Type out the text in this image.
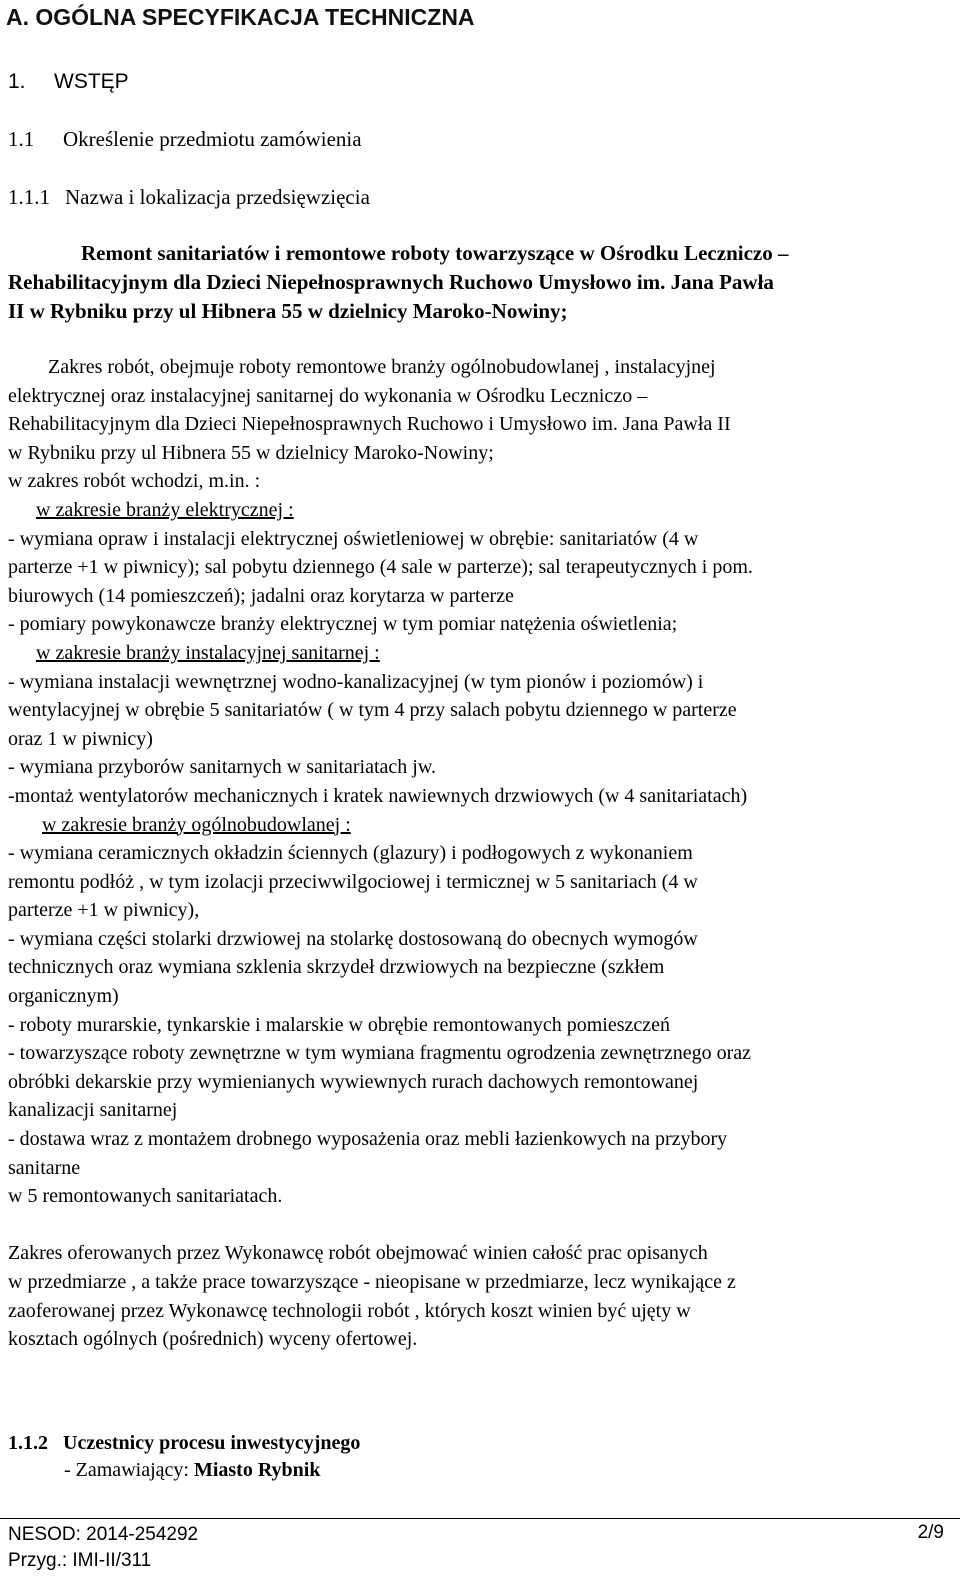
A. OGÓLNA SPECYFIKACJA TECHNICZNA
1. WSTĘP
1.1 Określenie przedmiotu zamówienia
1.1.1 Nazwa i lokalizacja przedsięwzięcia
Remont sanitariatów i remontowe roboty towarzyszące w Ośrodku Leczniczo –
Rehabilitacyjnym dla Dzieci Niepełnosprawnych Ruchowo Umysłowo im. Jana Pawła
II w Rybniku przy ul Hibnera 55 w dzielnicy Maroko-Nowiny;
Zakres robót, obejmuje roboty remontowe branży ogólnobudowlanej , instalacyjnej
elektrycznej oraz instalacyjnej sanitarnej do wykonania w Ośrodku Leczniczo –
Rehabilitacyjnym dla Dzieci Niepełnosprawnych Ruchowo i Umysłowo im. Jana Pawła II
w Rybniku przy ul Hibnera 55 w dzielnicy Maroko-Nowiny;
w zakres robót wchodzi, m.in. :
w zakresie branży elektrycznej :
- wymiana opraw i instalacji elektrycznej oświetleniowej w obrębie: sanitariatów (4 w
parterze +1 w piwnicy); sal pobytu dziennego (4 sale w parterze); sal terapeutycznych i pom.
biurowych (14 pomieszczeń); jadalni oraz korytarza w parterze
- pomiary powykonawcze branży elektrycznej w tym pomiar natężenia oświetlenia;
w zakresie branży instalacyjnej sanitarnej :
- wymiana instalacji wewnętrznej wodno-kanalizacyjnej (w tym pionów i poziomów) i
wentylacyjnej w obrębie 5 sanitariatów ( w tym 4 przy salach pobytu dziennego w parterze
oraz 1 w piwnicy)
- wymiana przyborów sanitarnych w sanitariatach jw.
-montaż wentylatorów mechanicznych i kratek nawiewnych drzwiowych (w 4 sanitariatach)
w zakresie branży ogólnobudowlanej :
- wymiana ceramicznych okładzin ściennych (glazury) i podłogowych z wykonaniem
remontu podłóż , w tym izolacji przeciwwilgociowej i termicznej w 5 sanitariach (4 w
parterze +1 w piwnicy),
- wymiana części stolarki drzwiowej na stolarkę dostosowaną do obecnych wymogów
technicznych oraz wymiana szklenia skrzydeł drzwiowych na bezpieczne (szkłem
organicznym)
- roboty murarskie, tynkarskie i malarskie w obrębie remontowanych pomieszczeń
- towarzyszące roboty zewnętrzne w tym wymiana fragmentu ogrodzenia zewnętrznego oraz
obróbki dekarskie przy wymienianych wywiewnych rurach dachowych remontowanej
kanalizacji sanitarnej
- dostawa wraz z montażem drobnego wyposażenia oraz mebli łazienkowych na przybory
sanitarne
w 5 remontowanych sanitariatach.

Zakres oferowanych przez Wykonawcę robót obejmować winien całość prac opisanych
w przedmiarze , a także prace towarzyszące - nieopisane w przedmiarze, lecz wynikające z
zaoferowanej przez Wykonawcę technologii robót , których koszt winien być ujęty w
kosztach ogólnych (pośrednich) wyceny ofertowej.
1.1.2 Uczestnicy procesu inwestycyjnego
- Zamawiający: Miasto Rybnik
NESOD: 2014-254292
Przyg.: IMI-II/311
2/9
